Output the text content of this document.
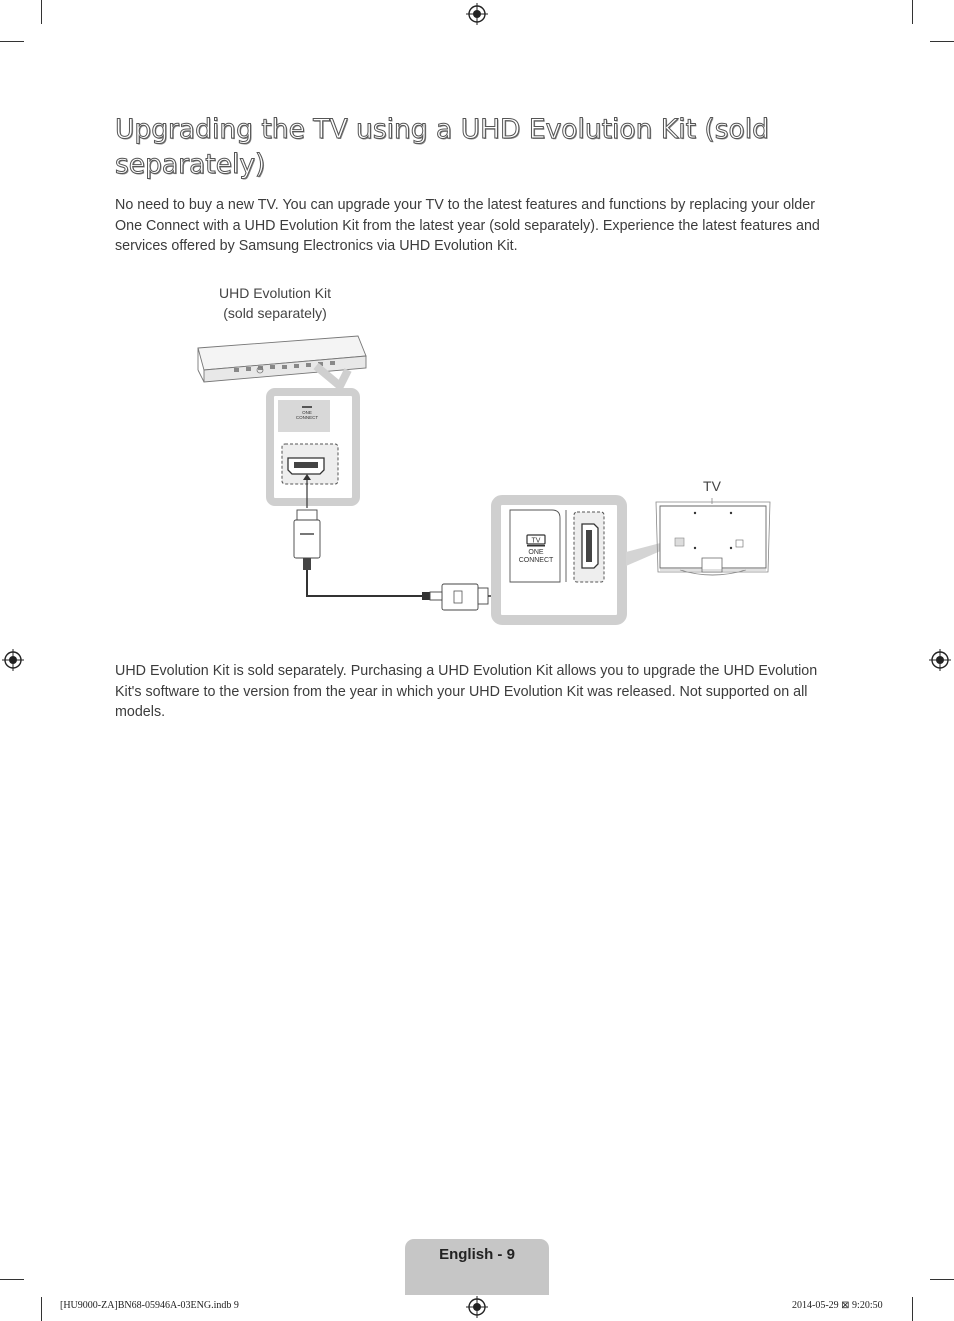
Upgrading the TV using a UHD Evolution Kit (sold separately)

No need to buy a new TV. You can upgrade your TV to the latest features and functions by replacing your older One Connect with a UHD Evolution Kit from the latest year (sold separately). Experience the latest features and services offered by Samsung Electronics via UHD Evolution Kit.

UHD Evolution Kit
(sold separately)
TV
ONE
CONNECT
TV
ONE
CONNECT

UHD Evolution Kit is sold separately. Purchasing a UHD Evolution Kit allows you to upgrade the UHD Evolution Kit's software to the version from the year in which your UHD Evolution Kit was released. Not supported on all models.

English - 9
[HU9000-ZA]BN68-05946A-03ENG.indb 9	2014-05-29 ⊠ 9:20:50
